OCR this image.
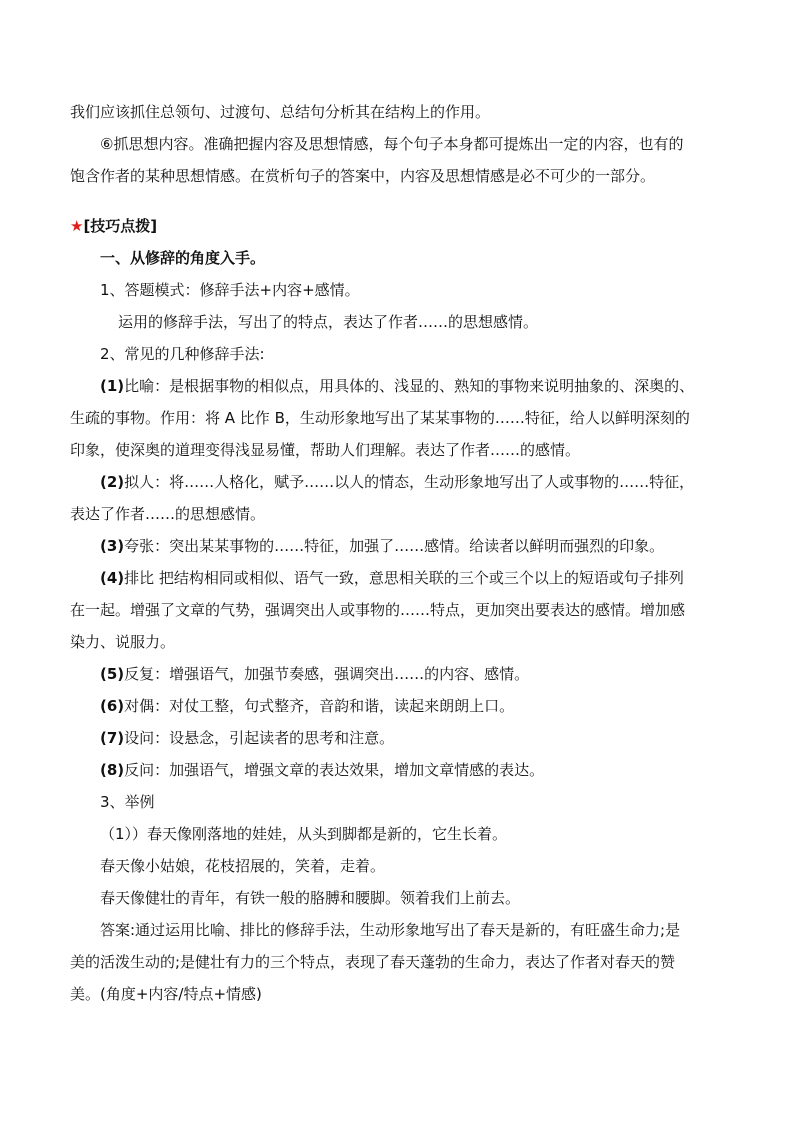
我们应该抓住总领句、过渡句、总结句分析其在结构上的作用。
⑥抓思想内容。准确把握内容及思想情感，每个句子本身都可提炼出一定的内容，也有的
饱含作者的某种思想情感。在赏析句子的答案中，内容及思想情感是必不可少的一部分。
★[技巧点拨]
一、从修辞的角度入手。
1、答题模式：修辞手法+内容+感情。
运用的修辞手法，写出了的特点，表达了作者……的思想感情。
2、常见的几种修辞手法:
(1)比喻：是根据事物的相似点，用具体的、浅显的、熟知的事物来说明抽象的、深奥的、
生疏的事物。作用：将 A 比作 B，生动形象地写出了某某事物的……特征，给人以鲜明深刻的
印象，使深奥的道理变得浅显易懂，帮助人们理解。表达了作者……的感情。
(2)拟人：将……人格化，赋予……以人的情态，生动形象地写出了人或事物的……特征，
表达了作者……的思想感情。
(3)夸张：突出某某事物的……特征，加强了……感情。给读者以鲜明而强烈的印象。
(4)排比 把结构相同或相似、语气一致，意思相关联的三个或三个以上的短语或句子排列
在一起。增强了文章的气势，强调突出人或事物的……特点，更加突出要表达的感情。增加感
染力、说服力。
(5)反复：增强语气，加强节奏感，强调突出……的内容、感情。
(6)对偶：对仗工整，句式整齐，音韵和谐，读起来朗朗上口。
(7)设问：设悬念，引起读者的思考和注意。
(8)反问：加强语气，增强文章的表达效果，增加文章情感的表达。
3、举例
（1））春天像刚落地的娃娃，从头到脚都是新的，它生长着。
春天像小姑娘，花枝招展的，笑着，走着。
春天像健壮的青年，有铁一般的胳膊和腰脚。领着我们上前去。
答案:通过运用比喻、排比的修辞手法，生动形象地写出了春天是新的，有旺盛生命力;是
美的活泼生动的;是健壮有力的三个特点，表现了春天蓬勃的生命力，表达了作者对春天的赞
美。(角度+内容/特点+情感)
